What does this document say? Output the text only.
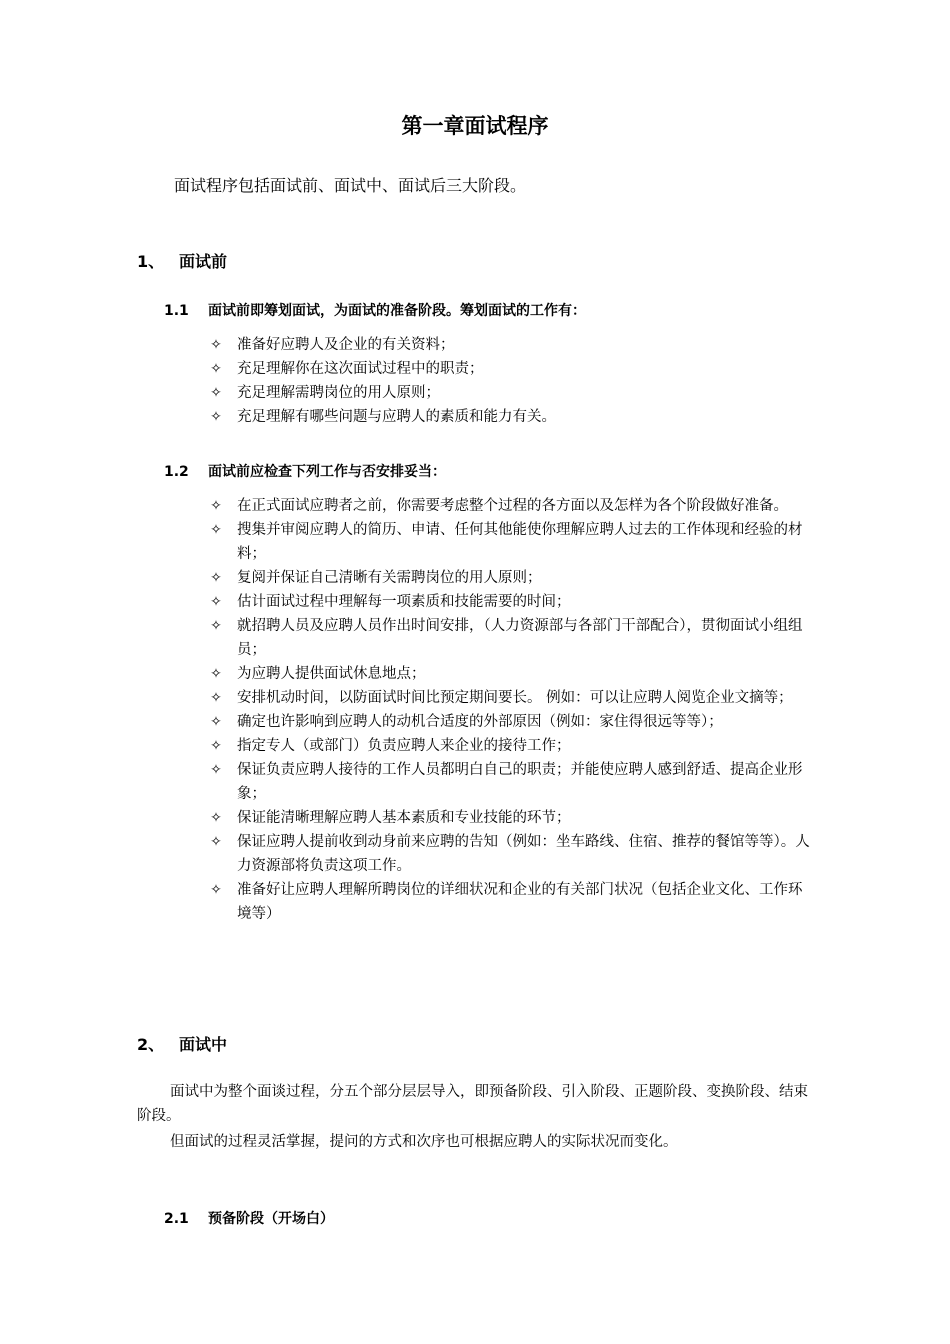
第一章面试程序
面试程序包括面试前、面试中、面试后三大阶段。
1、 面试前
1.1 面试前即筹划面试，为面试的准备阶段。筹划面试的工作有：
✧ 准备好应聘人及企业的有关资料；
✧ 充足理解你在这次面试过程中的职责；
✧ 充足理解需聘岗位的用人原则；
✧ 充足理解有哪些问题与应聘人的素质和能力有关。
1.2 面试前应检查下列工作与否安排妥当：
✧ 在正式面试应聘者之前，你需要考虑整个过程的各方面以及怎样为各个阶段做好准备。
✧ 搜集并审阅应聘人的简历、申请、任何其他能使你理解应聘人过去的工作体现和经验的材料；
✧ 复阅并保证自己清晰有关需聘岗位的用人原则；
✧ 估计面试过程中理解每一项素质和技能需要的时间；
✧ 就招聘人员及应聘人员作出时间安排，（人力资源部与各部门干部配合），贯彻面试小组组员；
✧ 为应聘人提供面试休息地点；
✧ 安排机动时间，以防面试时间比预定期间要长。 例如：可以让应聘人阅览企业文摘等；
✧ 确定也许影响到应聘人的动机合适度的外部原因（例如：家住得很远等等）；
✧ 指定专人（或部门）负责应聘人来企业的接待工作；
✧ 保证负责应聘人接待的工作人员都明白自己的职责；并能使应聘人感到舒适、提高企业形象；
✧ 保证能清晰理解应聘人基本素质和专业技能的环节；
✧ 保证应聘人提前收到动身前来应聘的告知（例如：坐车路线、住宿、推荐的餐馆等等）。人力资源部将负责这项工作。
✧ 准备好让应聘人理解所聘岗位的详细状况和企业的有关部门状况（包括企业文化、工作环境等）
2、 面试中

面试中为整个面谈过程，分五个部分层层导入，即预备阶段、引入阶段、正题阶段、变换阶段、结束阶段。

但面试的过程灵活掌握，提问的方式和次序也可根据应聘人的实际状况而变化。

2.1 预备阶段（开场白）
